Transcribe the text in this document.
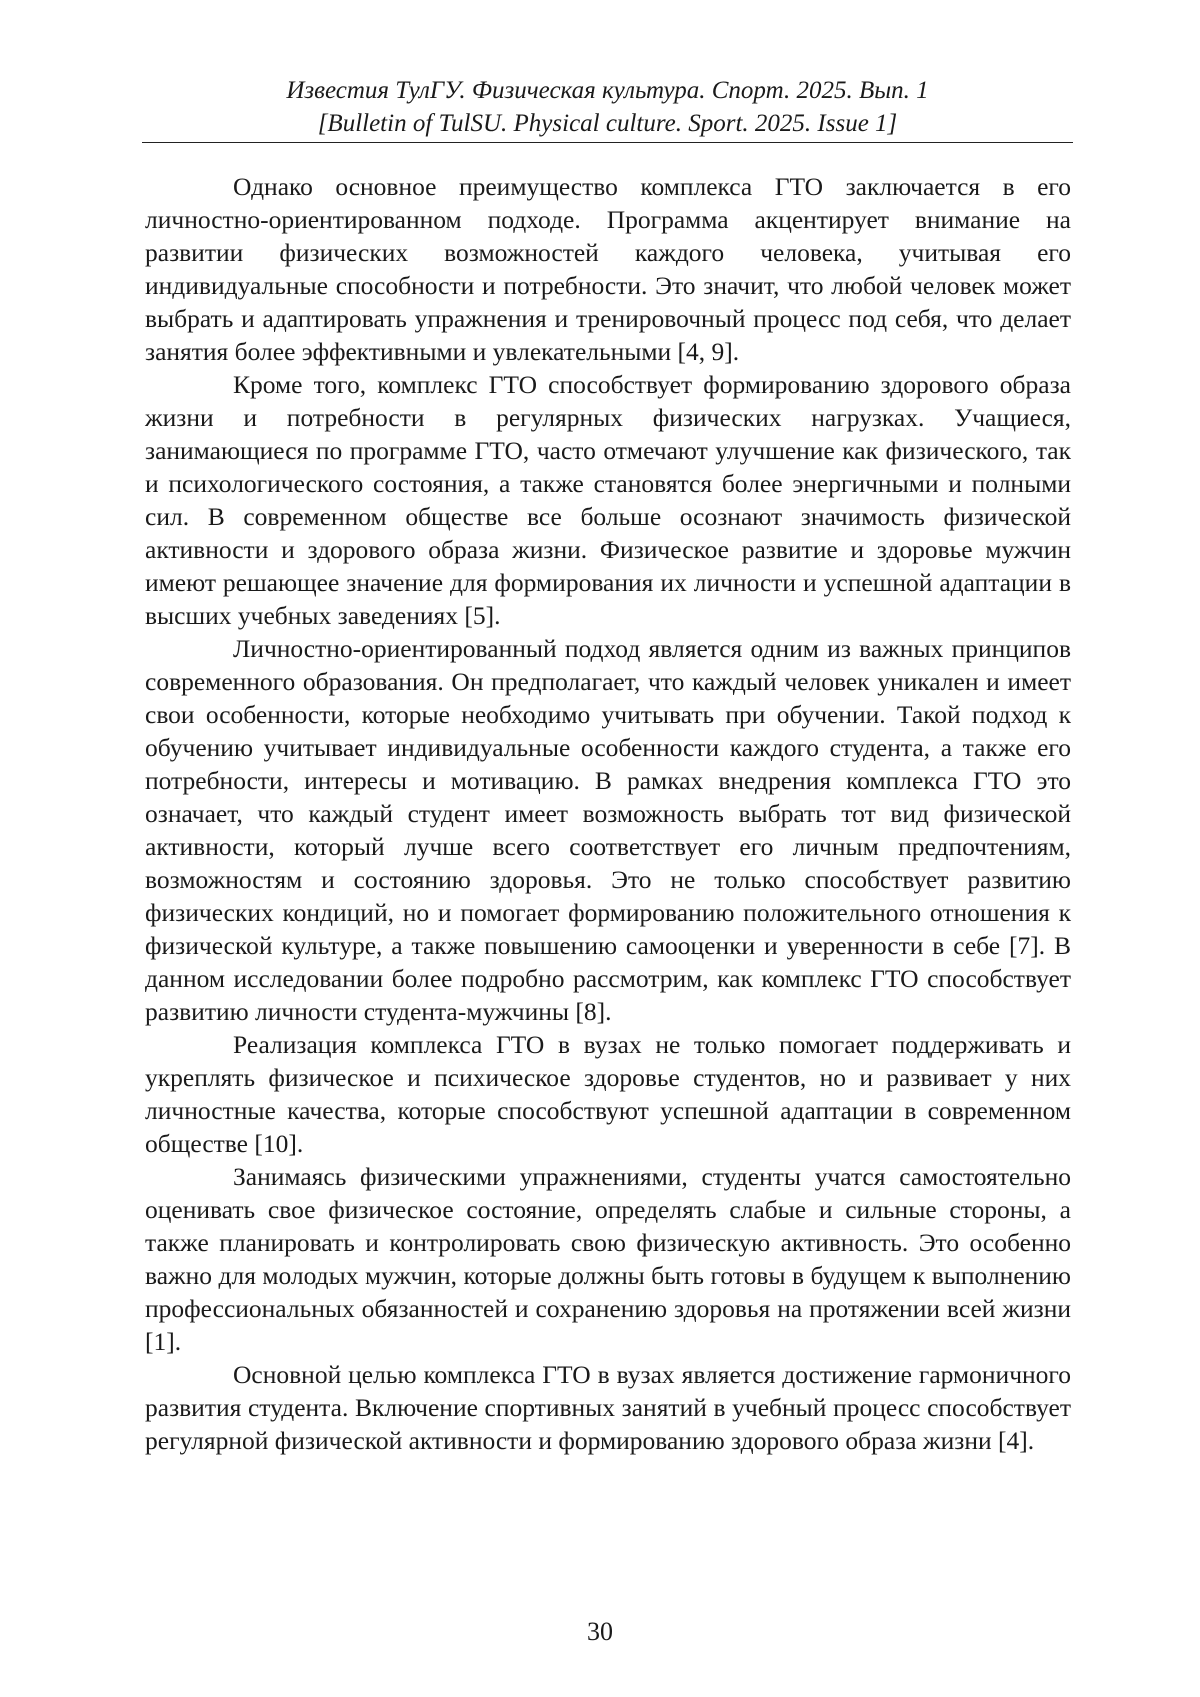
Известия ТулГУ. Физическая культура. Спорт. 2025. Вып. 1
[Bulletin of TulSU. Physical culture. Sport. 2025. Issue 1]

Однако основное преимущество комплекса ГТО заключается в его личностно-ориентированном подходе. Программа акцентирует внимание на развитии физических возможностей каждого человека, учитывая его индивидуальные способности и потребности. Это значит, что любой человек может выбрать и адаптировать упражнения и тренировочный процесс под себя, что делает занятия более эффективными и увлекательными [4, 9].

Кроме того, комплекс ГТО способствует формированию здорового образа жизни и потребности в регулярных физических нагрузках. Учащиеся, занимающиеся по программе ГТО, часто отмечают улучшение как физического, так и психологического состояния, а также становятся более энергичными и полными сил. В современном обществе все больше осознают значимость физической активности и здорового образа жизни. Физическое развитие и здоровье мужчин имеют решающее значение для формирования их личности и успешной адаптации в высших учебных заведениях [5].

Личностно-ориентированный подход является одним из важных принципов современного образования. Он предполагает, что каждый человек уникален и имеет свои особенности, которые необходимо учитывать при обучении. Такой подход к обучению учитывает индивидуальные особенности каждого студента, а также его потребности, интересы и мотивацию. В рамках внедрения комплекса ГТО это означает, что каждый студент имеет возможность выбрать тот вид физической активности, который лучше всего соответствует его личным предпочтениям, возможностям и состоянию здоровья. Это не только способствует развитию физических кондиций, но и помогает формированию положительного отношения к физической культуре, а также повышению самооценки и уверенности в себе [7]. В данном исследовании более подробно рассмотрим, как комплекс ГТО способствует развитию личности студента-мужчины [8].

Реализация комплекса ГТО в вузах не только помогает поддерживать и укреплять физическое и психическое здоровье студентов, но и развивает у них личностные качества, которые способствуют успешной адаптации в современном обществе [10].

Занимаясь физическими упражнениями, студенты учатся самостоятельно оценивать свое физическое состояние, определять слабые и сильные стороны, а также планировать и контролировать свою физическую активность. Это особенно важно для молодых мужчин, которые должны быть готовы в будущем к выполнению профессиональных обязанностей и сохранению здоровья на протяжении всей жизни [1].

Основной целью комплекса ГТО в вузах является достижение гармоничного развития студента. Включение спортивных занятий в учебный процесс способствует регулярной физической активности и формированию здорового образа жизни [4].

30
